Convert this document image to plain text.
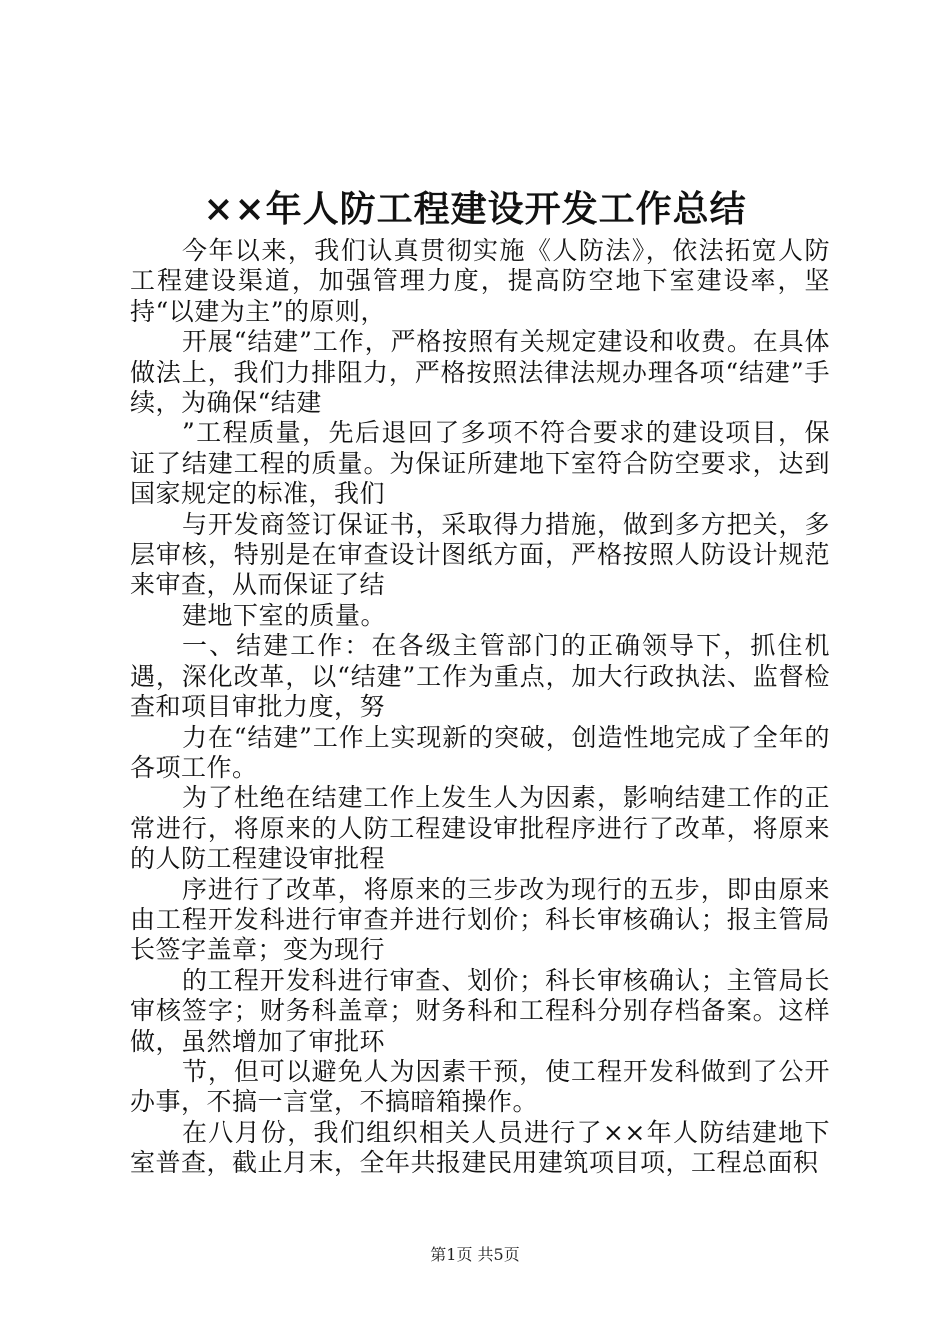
××年人防工程建设开发工作总结

今年以来，我们认真贯彻实施《人防法》，依法拓宽人防工程建设渠道，加强管理力度，提高防空地下室建设率，坚持“以建为主”的原则，

开展“结建”工作，严格按照有关规定建设和收费。在具体做法上，我们力排阻力，严格按照法律法规办理各项“结建”手续，为确保“结建

”工程质量，先后退回了多项不符合要求的建设项目，保证了结建工程的质量。为保证所建地下室符合防空要求，达到国家规定的标准，我们

与开发商签订保证书，采取得力措施，做到多方把关，多层审核，特别是在审查设计图纸方面，严格按照人防设计规范来审查，从而保证了结

建地下室的质量。

一、结建工作：在各级主管部门的正确领导下，抓住机遇，深化改革，以“结建”工作为重点，加大行政执法、监督检查和项目审批力度，努

力在“结建”工作上实现新的突破，创造性地完成了全年的各项工作。

为了杜绝在结建工作上发生人为因素，影响结建工作的正常进行，将原来的人防工程建设审批程序进行了改革，将原来的人防工程建设审批程

序进行了改革，将原来的三步改为现行的五步，即由原来由工程开发科进行审查并进行划价；科长审核确认；报主管局长签字盖章；变为现行

的工程开发科进行审查、划价；科长审核确认；主管局长审核签字；财务科盖章；财务科和工程科分别存档备案。这样做，虽然增加了审批环

节，但可以避免人为因素干预，使工程开发科做到了公开办事，不搞一言堂，不搞暗箱操作。

在八月份，我们组织相关人员进行了××年人防结建地下室普查，截止月末，全年共报建民用建筑项目项，工程总面积

第1页 共5页
